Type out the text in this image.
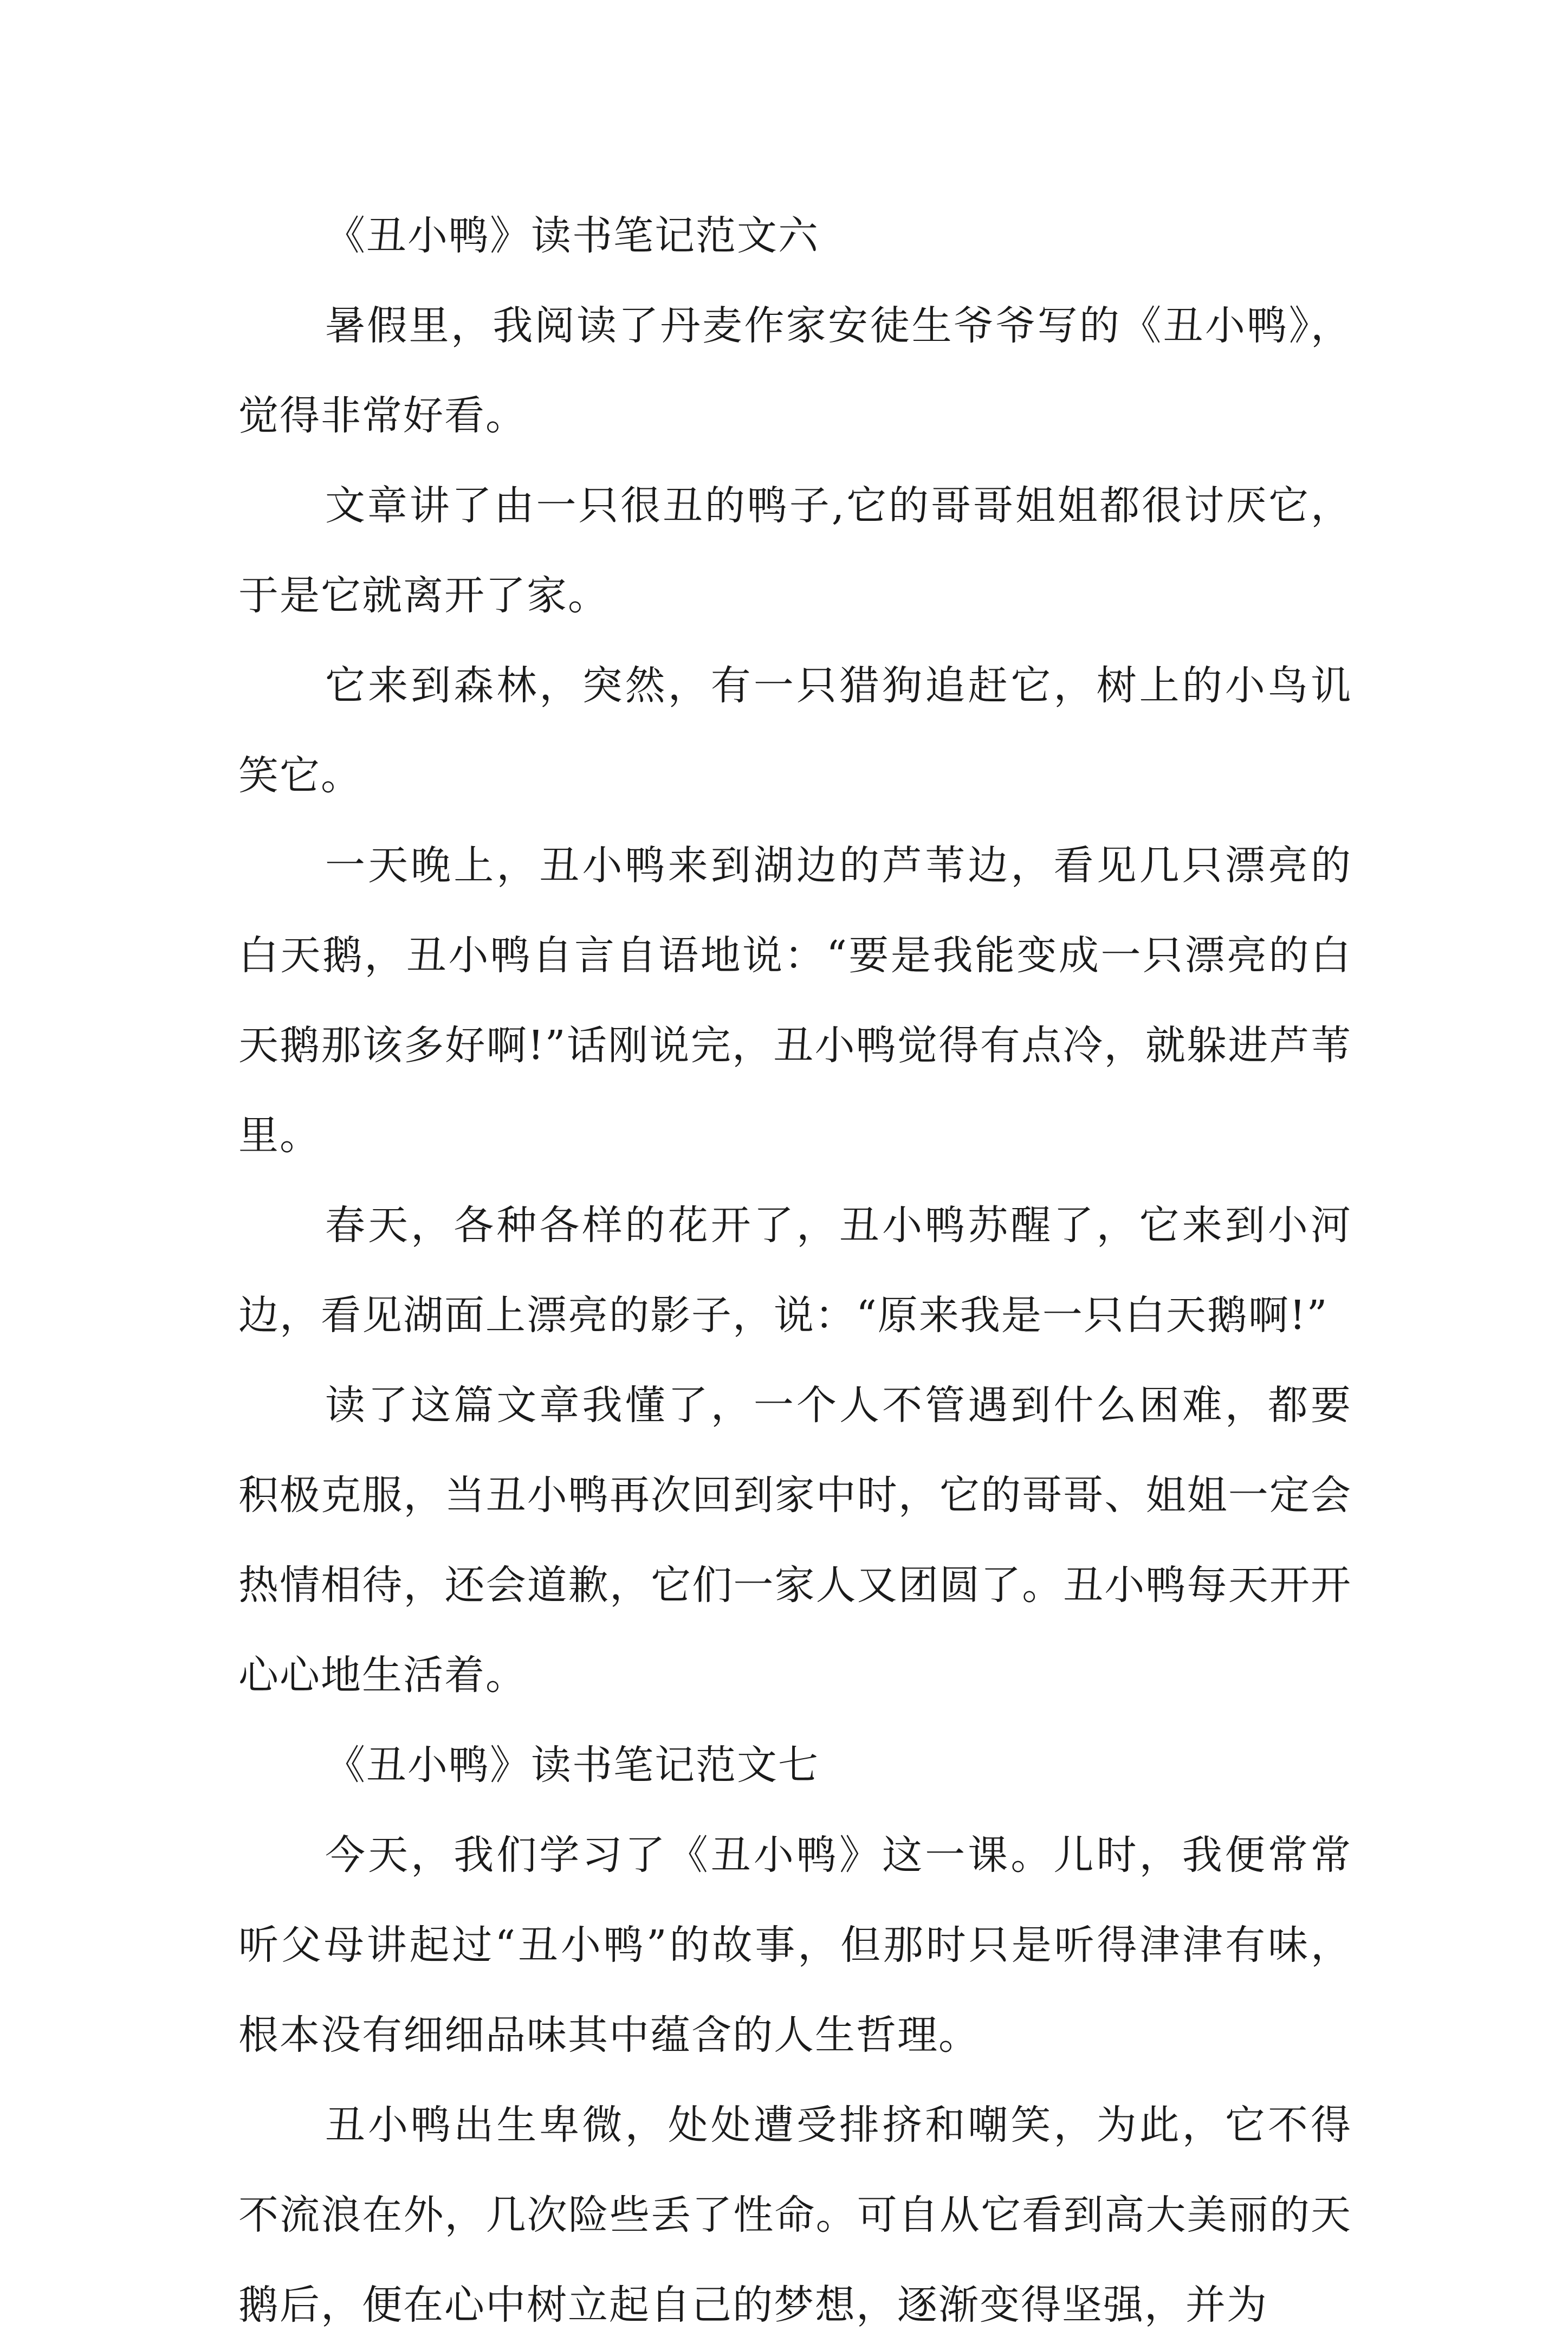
《丑小鸭》读书笔记范文六

暑假里，我阅读了丹麦作家安徒生爷爷写的《丑小鸭》，觉得非常好看。

文章讲了由一只很丑的鸭子,它的哥哥姐姐都很讨厌它，于是它就离开了家。

它来到森林，突然，有一只猎狗追赶它，树上的小鸟讥笑它。

一天晚上，丑小鸭来到湖边的芦苇边，看见几只漂亮的白天鹅，丑小鸭自言自语地说：“要是我能变成一只漂亮的白天鹅那该多好啊!”话刚说完，丑小鸭觉得有点冷，就躲进芦苇里。

春天，各种各样的花开了，丑小鸭苏醒了，它来到小河边，看见湖面上漂亮的影子，说：“原来我是一只白天鹅啊!”

读了这篇文章我懂了，一个人不管遇到什么困难，都要积极克服，当丑小鸭再次回到家中时，它的哥哥、姐姐一定会热情相待，还会道歉，它们一家人又团圆了。丑小鸭每天开开心心地生活着。

《丑小鸭》读书笔记范文七

今天，我们学习了《丑小鸭》这一课。儿时，我便常常听父母讲起过“丑小鸭”的故事，但那时只是听得津津有味，根本没有细细品味其中蕴含的人生哲理。

丑小鸭出生卑微，处处遭受排挤和嘲笑，为此，它不得不流浪在外，几次险些丢了性命。可自从它看到高大美丽的天鹅后，便在心中树立起自己的梦想，逐渐变得坚强，并为
